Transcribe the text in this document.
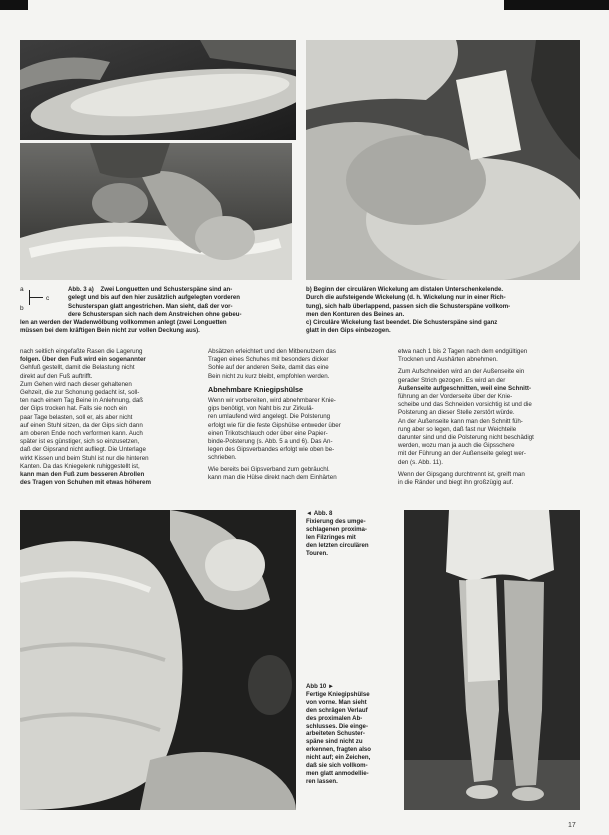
a
c
b
Abb. 3 a) Zwei Longuetten und Schusterspäne sind an-
gelegt und bis auf den hier zusätzlich aufgelegten vorderen
Schusterspan glatt angestrichen. Man sieht, daß der vor-
dere Schusterspan sich nach dem Anstreichen ohne gebeu-
len an werden der Wadenwölbung vollkommen anlegt (zwei Longuetten
müssen bei dem kräftigen Bein nicht zur vollen Deckung aus).
b) Beginn der circulären Wickelung am distalen Unterschenkelende.
Durch die aufsteigende Wickelung (d. h. Wickelung nur in einer Rich-
tung), sich halb überlappend, passen sich die Schusterspäne vollkom-
men den Konturen des Beines an.
c) Circuläre Wickelung fast beendet. Die Schusterspäne sind ganz
glatt in den Gips einbezogen.

nach seitlich eingefaßte Rasen die Lagerung

folgen. Über den Fuß wird ein sogenannter

Gehfuß gestellt, damit die Belastung nicht

direkt auf den Fuß auftrifft.

Zum Gehen wird nach dieser gehaltenen

Gehzeit, die zur Schonung gedacht ist, soll-

ten nach einem Tag Beine in Anlehnung, daß

der Gips trocken hat. Falls sie noch ein

paar Tage belasten, soll er, als aber nicht

auf einen Stuhl sitzen, da der Gips sich dann

am oberen Ende noch verformen kann. Auch

später ist es günstiger, sich so einzusetzen,

daß der Gipsrand nicht aufliegt. Die Unterlage

wirkt Kissen und beim Stuhl ist nur die hinteren

Kanten. Da das Kniegelenk ruhiggestellt ist,

kann man den Fuß zum besseren Abrollen

des Tragen von Schuhen mit etwas höherem

Absätzen erleichtert und den Mitbenutzern das

Tragen eines Schuhes mit besonders dicker

Sohle auf der anderen Seite, damit das eine

Bein nicht zu kurz bleibt, empfohlen werden.

Abnehmbare Kniegipshülse

Wenn wir vorbereiten, wird abnehmbarer Knie-

gips benötigt, von Naht bis zur Zirkulä-

ren umlaufend wird angelegt. Die Polsterung

erfolgt wie für die feste Gipshülse entweder über

einen Trikotschlauch oder über eine Papier-

binde-Polsterung (s. Abb. 5 a und 6). Das An-

legen des Gipsverbandes erfolgt wie oben be-

schrieben.

Wie bereits bei Gipsverband zum gebräuchl.

kann man die Hülse direkt nach dem Einhärten

etwa nach 1 bis 2 Tagen nach dem endgültigen

Trocknen und Aushärten abnehmen.

Zum Aufschneiden wird an der Außenseite ein

gerader Strich gezogen. Es wird an der

Außenseite aufgeschnitten, weil eine Schnitt-

führung an der Vorderseite über der Knie-

scheibe und das Schneiden vorsichtig ist und die

Polsterung an dieser Stelle zerstört würde.

An der Außenseite kann man den Schnitt füh-

rung aber so legen, daß fast nur Weichteile

darunter sind und die Polsterung nicht beschädigt

werden, wozu man ja auch die Gipsschere

mit der Führung an der Außenseite gelegt wer-

den (s. Abb. 11).

Wenn der Gipsgang durchtrennt ist, greift man

in die Ränder und biegt ihn großzügig auf.

◄ Abb. 8
Fixierung des umge-
schlagenen proxima-
len Filzringes mit
den letzten circulären
Touren.
Abb 10 ►
Fertige Kniegipshülse
von vorne. Man sieht
den schrägen Verlauf
des proximalen Ab-
schlusses. Die einge-
arbeiteten Schuster-
späne sind nicht zu
erkennen, fragten also
nicht auf; ein Zeichen,
daß sie sich vollkom-
men glatt anmodellie-
ren lassen.
17
